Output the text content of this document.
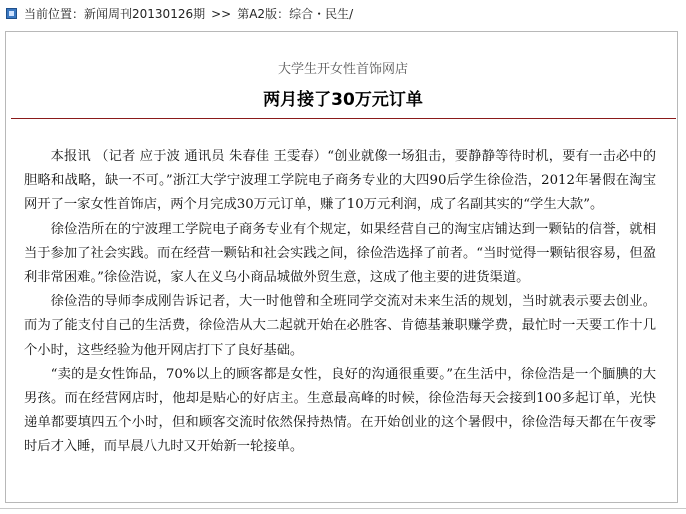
当前位置：新闻周刊20130126期 >> 第A2版：综合・民生/
大学生开女性首饰网店
两月接了30万元订单

本报讯 （记者 应于波 通讯员 朱春佳 王雯春）“创业就像一场狙击，要静静等待时机，要有一击必中的胆略和战略，缺一不可。”浙江大学宁波理工学院电子商务专业的大四90后学生徐俭浩，2012年暑假在淘宝网开了一家女性首饰店，两个月完成30万元订单，赚了10万元利润，成了名副其实的“学生大款”。

徐俭浩所在的宁波理工学院电子商务专业有个规定，如果经营自己的淘宝店铺达到一颗钻的信誉，就相当于参加了社会实践。而在经营一颗钻和社会实践之间，徐俭浩选择了前者。“当时觉得一颗钻很容易，但盈利非常困难。”徐俭浩说，家人在义乌小商品城做外贸生意，这成了他主要的进货渠道。

徐俭浩的导师李成刚告诉记者，大一时他曾和全班同学交流对未来生活的规划，当时就表示要去创业。而为了能支付自己的生活费，徐俭浩从大二起就开始在必胜客、肯德基兼职赚学费，最忙时一天要工作十几个小时，这些经验为他开网店打下了良好基础。

“卖的是女性饰品，70%以上的顾客都是女性，良好的沟通很重要。”在生活中，徐俭浩是一个腼腆的大男孩。而在经营网店时，他却是贴心的好店主。生意最高峰的时候，徐俭浩每天会接到100多起订单，光快递单都要填四五个小时，但和顾客交流时依然保持热情。在开始创业的这个暑假中，徐俭浩每天都在午夜零时后才入睡，而早晨八九时又开始新一轮接单。
